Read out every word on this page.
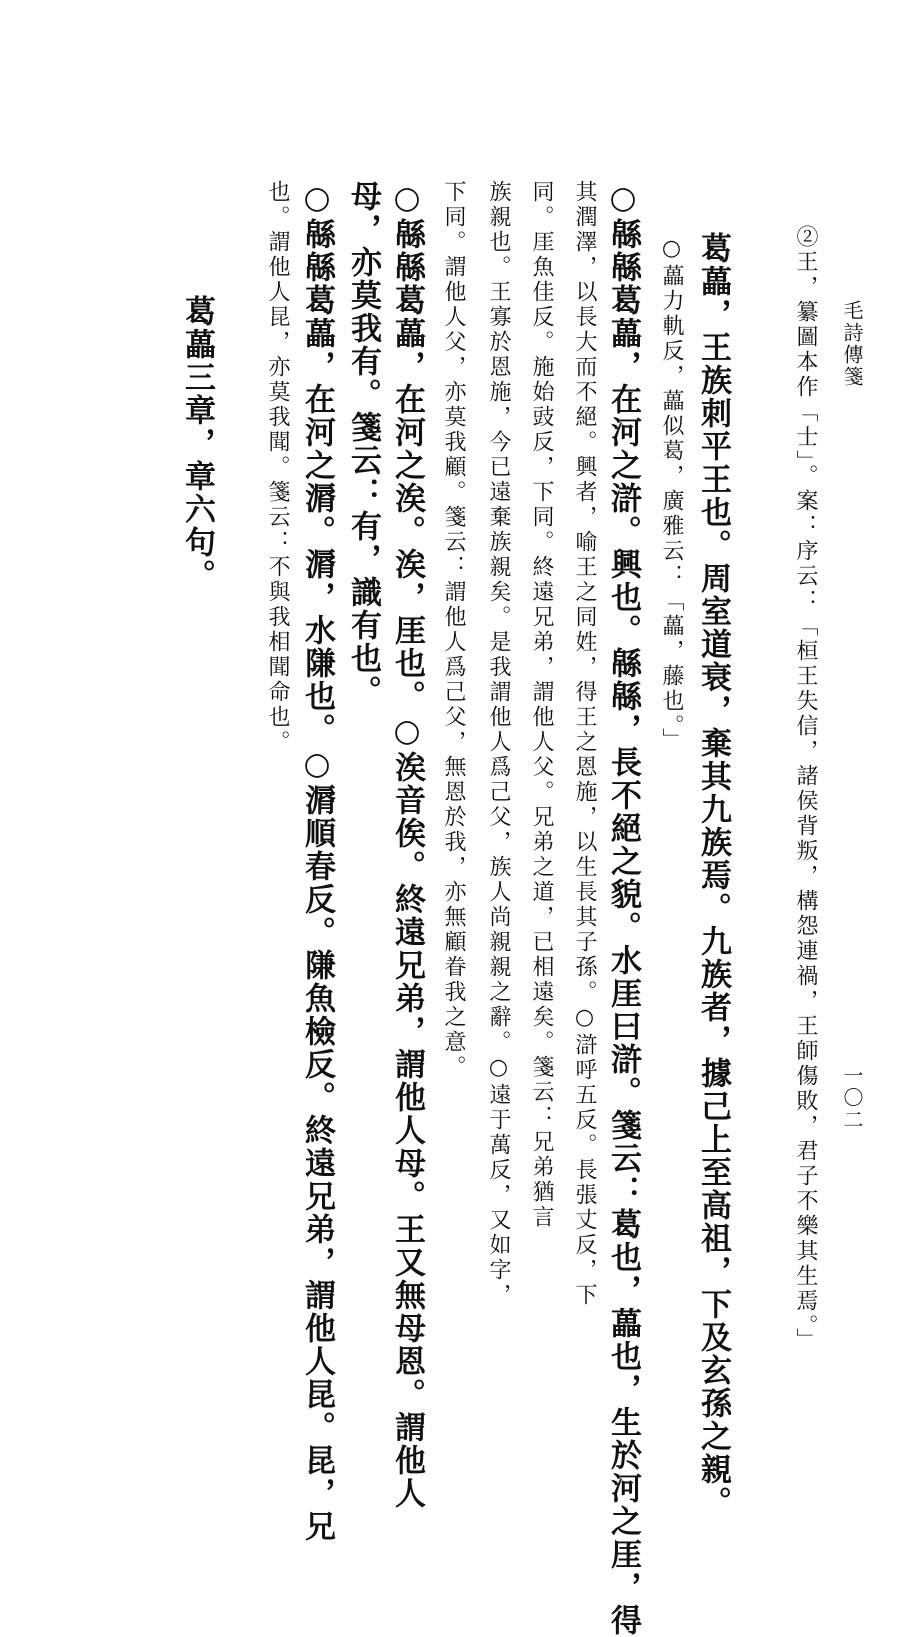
毛詩傳箋
一〇二
②王，纂圖本作「士」。案：序云：「桓王失信，諸侯背叛，構怨連禍，王師傷敗，君子不樂其生焉。」
葛藟，王族刺平王也。周室道衰，棄其九族焉。九族者，據己上至高祖，下及玄孫之親。
○藟力軌反，藟似葛，廣雅云：「藟，藤也。」
○緜緜葛藟，在河之滸。興也。緜緜，長不絕之貌。水厓曰滸。箋云：葛也，藟也，生於河之厓，得
其潤澤，以長大而不絕。興者，喻王之同姓，得王之恩施，以生長其子孫。○滸呼五反。長張丈反，下
同。厓魚佳反。施始豉反，下同。終遠兄弟，謂他人父。兄弟之道，已相遠矣。箋云：兄弟猶言
族親也。王寡於恩施，今已遠棄族親矣。是我謂他人爲己父，族人尚親親之辭。○遠于萬反，又如字，
下同。謂他人父，亦莫我顧。箋云：謂他人爲己父，無恩於我，亦無顧眷我之意。
○緜緜葛藟，在河之涘。涘，厓也。○涘音俟。終遠兄弟，謂他人母。王又無母恩。謂他人
母，亦莫我有。箋云：有，識有也。
○緜緜葛藟，在河之漘。漘，水隒也。○漘順春反。隒魚檢反。終遠兄弟，謂他人昆。昆，兄
也。謂他人昆，亦莫我聞。箋云：不與我相聞命也。
葛藟三章，章六句。
